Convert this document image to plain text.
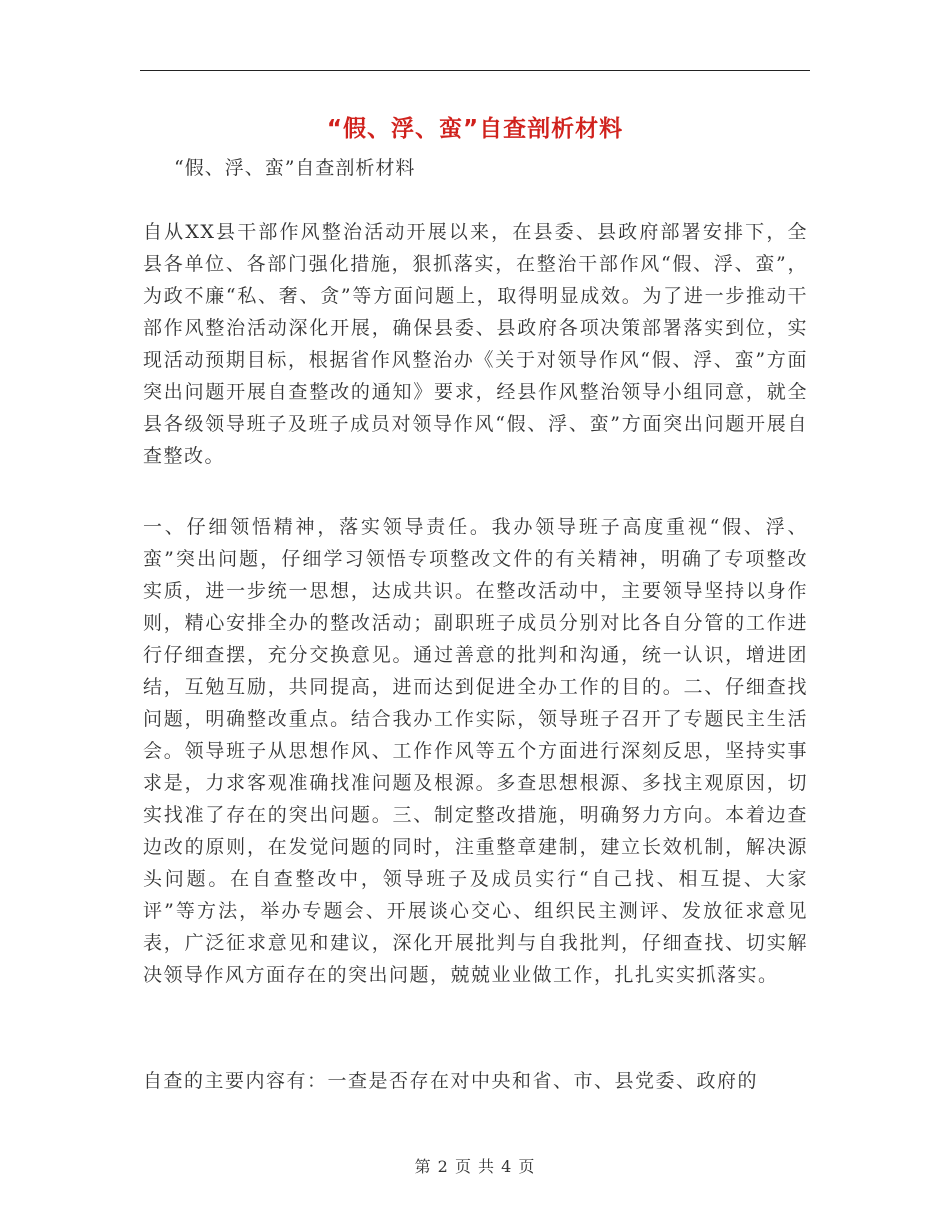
“假、浮、蛮”自查剖析材料
“假、浮、蛮”自查剖析材料

自从XX县干部作风整治活动开展以来，在县委、县政府部署安排下，全县各单位、各部门强化措施，狠抓落实，在整治干部作风“假、浮、蛮”，为政不廉“私、奢、贪”等方面问题上，取得明显成效。为了进一步推动干部作风整治活动深化开展，确保县委、县政府各项决策部署落实到位，实现活动预期目标，根据省作风整治办《关于对领导作风“假、浮、蛮”方面突出问题开展自查整改的通知》要求，经县作风整治领导小组同意，就全县各级领导班子及班子成员对领导作风“假、浮、蛮”方面突出问题开展自查整改。

一、仔细领悟精神，落实领导责任。我办领导班子高度重视“假、浮、蛮”突出问题，仔细学习领悟专项整改文件的有关精神，明确了专项整改实质，进一步统一思想，达成共识。在整改活动中，主要领导坚持以身作则，精心安排全办的整改活动；副职班子成员分别对比各自分管的工作进行仔细查摆，充分交换意见。通过善意的批判和沟通，统一认识，增进团结，互勉互励，共同提高，进而达到促进全办工作的目的。二、仔细查找问题，明确整改重点。结合我办工作实际，领导班子召开了专题民主生活会。领导班子从思想作风、工作作风等五个方面进行深刻反思，坚持实事求是，力求客观准确找准问题及根源。多查思想根源、多找主观原因，切实找准了存在的突出问题。三、制定整改措施，明确努力方向。本着边查边改的原则，在发觉问题的同时，注重整章建制，建立长效机制，解决源头问题。在自查整改中，领导班子及成员实行“自己找、相互提、大家评”等方法，举办专题会、开展谈心交心、组织民主测评、发放征求意见表，广泛征求意见和建议，深化开展批判与自我批判，仔细查找、切实解决领导作风方面存在的突出问题，兢兢业业做工作，扎扎实实抓落实。

自查的主要内容有：一查是否存在对中央和省、市、县党委、政府的

第 2 页 共 4 页
